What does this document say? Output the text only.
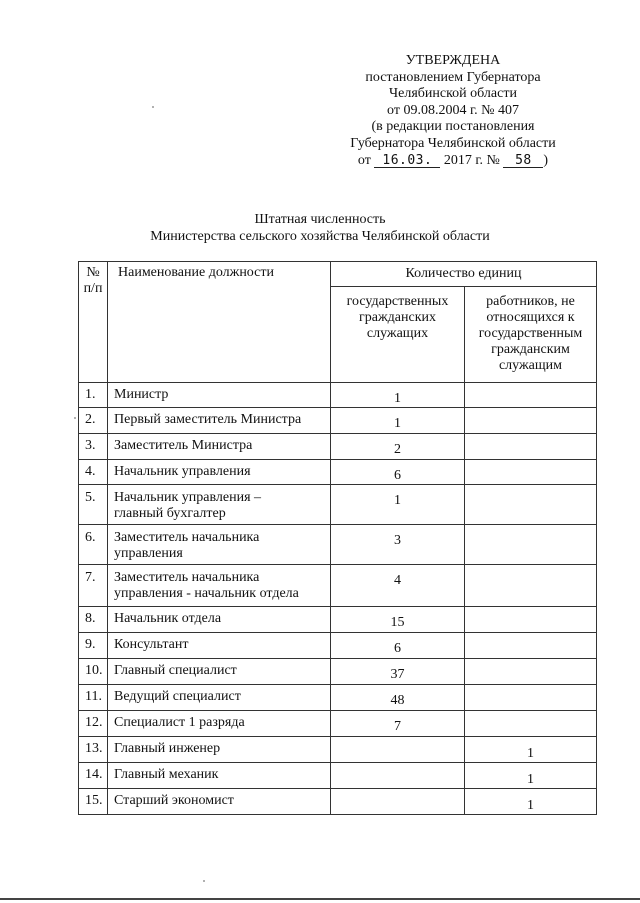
УТВЕРЖДЕНА
постановлением Губернатора
Челябинской области
от 09.08.2004 г. № 407
(в редакции постановления
Губернатора Челябинской области
от 16.03. 2017 г. № 58 )
Штатная численность
Министерства сельского хозяйства Челябинской области
№
п/п	Наименование должности	Количество единиц	
		государственных
гражданских
служащих	работников, не
относящихся к
государственным
гражданским
служащим
1.	Министр	1	
2.	Первый заместитель Министра	1	
3.	Заместитель Министра	2	
4.	Начальник управления	6	
5.	Начальник управления –
главный бухгалтер	1	
6.	Заместитель начальника
управления	3	
7.	Заместитель начальника
управления - начальник отдела	4	
8.	Начальник отдела	15	
9.	Консультант	6	
10.	Главный специалист	37	
11.	Ведущий специалист	48	
12.	Специалист 1 разряда	7	
13.	Главный инженер		1
14.	Главный механик		1
15.	Старший экономист		1
